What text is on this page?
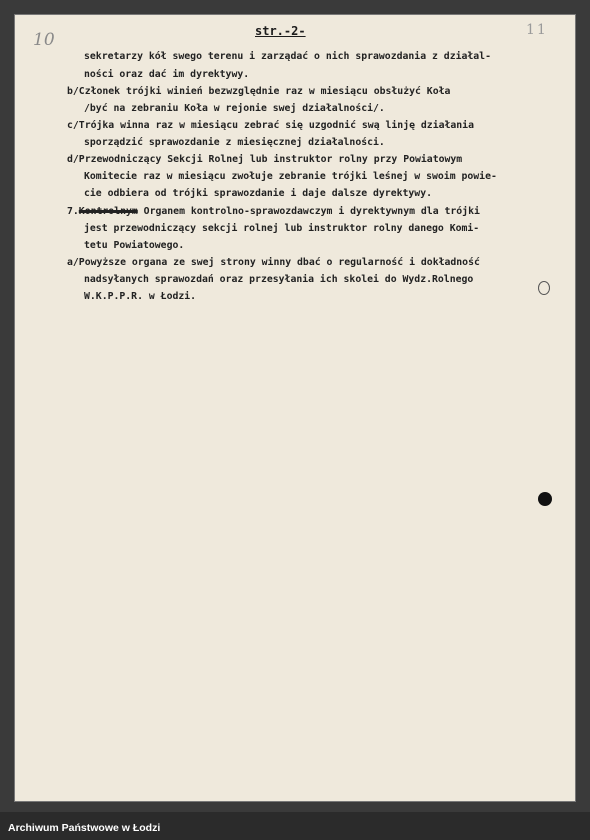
10	11
str.-2-
sekretarzy kół swego terenu i zarządać o nich sprawozdania z działal-
ności oraz dać im dyrektywy.
b/Członek trójki winień bezwzględnie raz w miesiącu obsłużyć Koła
/być na zebraniu Koła w rejonie swej działalności/.
c/Trójka winna raz w miesiącu zebrać się uzgodnić swą linję działania
sporządzić sprawozdanie z miesięcznej działalności.
d/Przewodniczący Sekcji Rolnej lub instruktor rolny przy Powiatowym
Komitecie raz w miesiącu zwołuje zebranie trójki leśnej w swoim powie-
cie odbiera od trójki sprawozdanie i daje dalsze dyrektywy.
7.Kontrolnym Organem kontrolno-sprawozdawczym i dyrektywnym dla trójki
jest przewodniczący sekcji rolnej lub instruktor rolny danego Komi-
tetu Powiatowego.
a/Powyższe organa ze swej strony winny dbać o regularność i dokładność
nadsyłanych sprawozdań oraz przesyłania ich skolei do Wydz.Rolnego
W.K.P.P.R. w Łodzi.
Archiwum Państwowe w Łodzi
